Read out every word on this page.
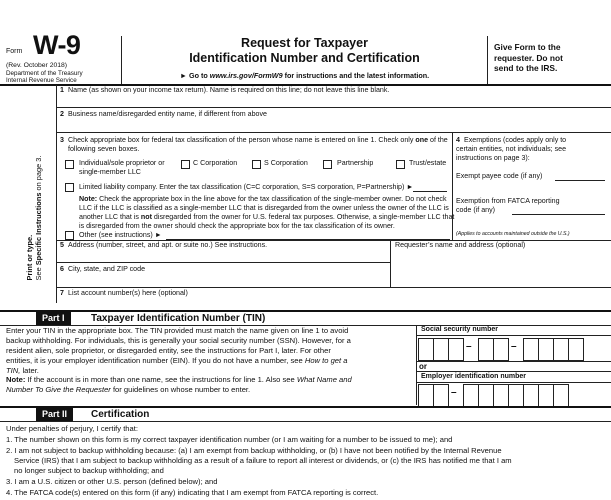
Form W-9
(Rev. October 2018)
Department of the Treasury
Internal Revenue Service
Request for Taxpayer
Identification Number and Certification
► Go to www.irs.gov/FormW9 for instructions and the latest information.
Give Form to the
requester. Do not
send to the IRS.
Print or type.
See Specific Instructions on page 3.
1 Name (as shown on your income tax return). Name is required on this line; do not leave this line blank.
2 Business name/disregarded entity name, if different from above
3 Check appropriate box for federal tax classification of the person whose name is entered on line 1. Check only one of the
following seven boxes.
Individual/sole proprietor or
single-member LLC
C Corporation	S Corporation	Partnership	Trust/estate
Limited liability company. Enter the tax classification (C=C corporation, S=S corporation, P=Partnership) ►
Note: Check the appropriate box in the line above for the tax classification of the single-member owner. Do not check
LLC if the LLC is classified as a single-member LLC that is disregarded from the owner unless the owner of the LLC is
another LLC that is not disregarded from the owner for U.S. federal tax purposes. Otherwise, a single-member LLC that
is disregarded from the owner should check the appropriate box for the tax classification of its owner.
Other (see instructions) ►
4 Exemptions (codes apply only to
certain entities, not individuals; see
instructions on page 3):
Exempt payee code (if any)
Exemption from FATCA reporting
code (if any)
(Applies to accounts maintained outside the U.S.)
5 Address (number, street, and apt. or suite no.) See instructions.	Requester’s name and address (optional)
6 City, state, and ZIP code
7 List account number(s) here (optional)
Part I	Taxpayer Identification Number (TIN)
Enter your TIN in the appropriate box. The TIN provided must match the name given on line 1 to avoid
backup withholding. For individuals, this is generally your social security number (SSN). However, for a
resident alien, sole proprietor, or disregarded entity, see the instructions for Part I, later. For other
entities, it is your employer identification number (EIN). If you do not have a number, see How to get a
TIN, later.
Note: If the account is in more than one name, see the instructions for line 1. Also see What Name and
Number To Give the Requester for guidelines on whose number to enter.
Social security number
–	–
or
Employer identification number
–
Part II	Certification
Under penalties of perjury, I certify that:
1. The number shown on this form is my correct taxpayer identification number (or I am waiting for a number to be issued to me); and
2. I am not subject to backup withholding because: (a) I am exempt from backup withholding, or (b) I have not been notified by the Internal Revenue
Service (IRS) that I am subject to backup withholding as a result of a failure to report all interest or dividends, or (c) the IRS has notified me that I am
no longer subject to backup withholding; and
3. I am a U.S. citizen or other U.S. person (defined below); and
4. The FATCA code(s) entered on this form (if any) indicating that I am exempt from FATCA reporting is correct.
